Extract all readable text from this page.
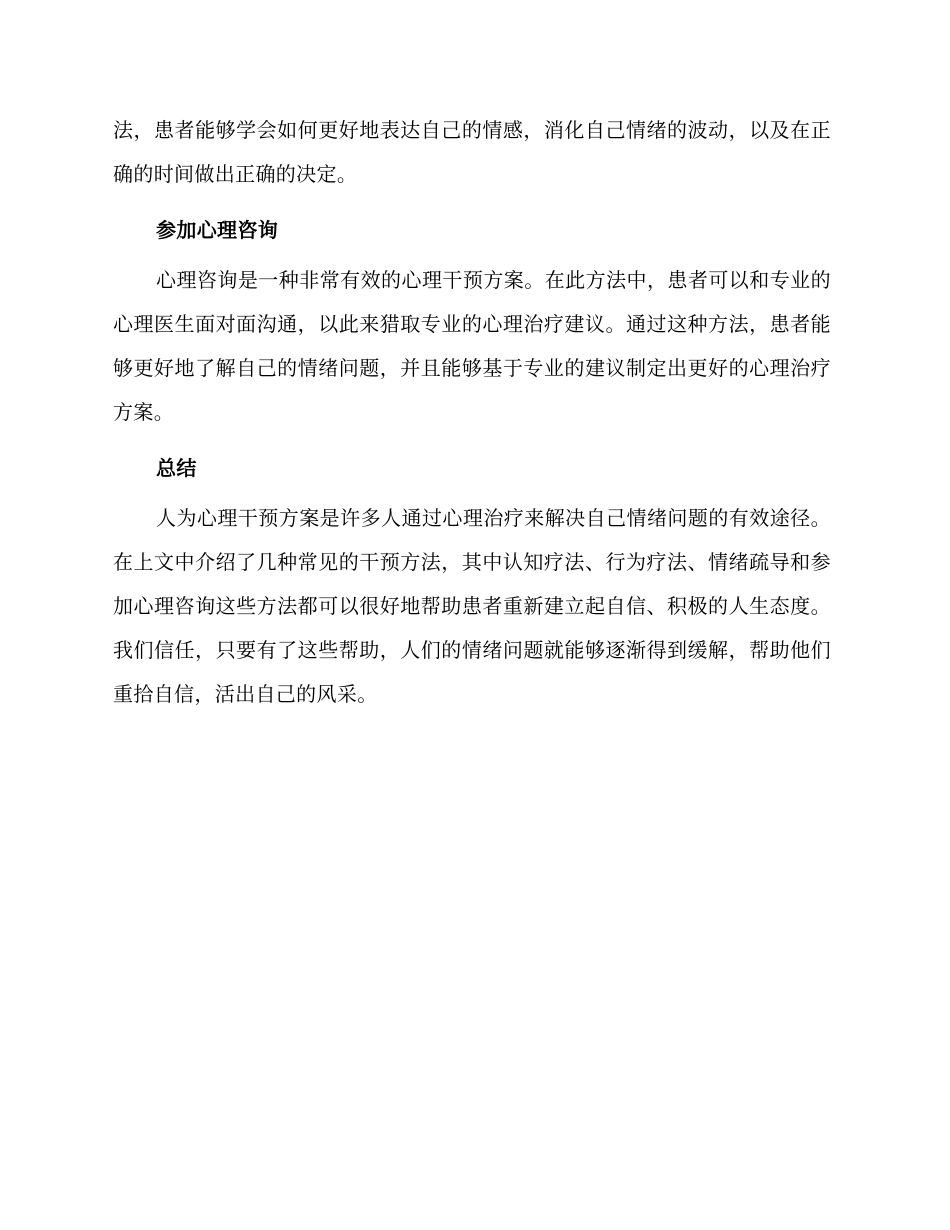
法，患者能够学会如何更好地表达自己的情感，消化自己情绪的波动，以及在正确的时间做出正确的决定。

参加心理咨询

心理咨询是一种非常有效的心理干预方案。在此方法中，患者可以和专业的心理医生面对面沟通，以此来猎取专业的心理治疗建议。通过这种方法，患者能够更好地了解自己的情绪问题，并且能够基于专业的建议制定出更好的心理治疗方案。

总结

人为心理干预方案是许多人通过心理治疗来解决自己情绪问题的有效途径。在上文中介绍了几种常见的干预方法，其中认知疗法、行为疗法、情绪疏导和参加心理咨询这些方法都可以很好地帮助患者重新建立起自信、积极的人生态度。我们信任，只要有了这些帮助，人们的情绪问题就能够逐渐得到缓解，帮助他们重拾自信，活出自己的风采。
